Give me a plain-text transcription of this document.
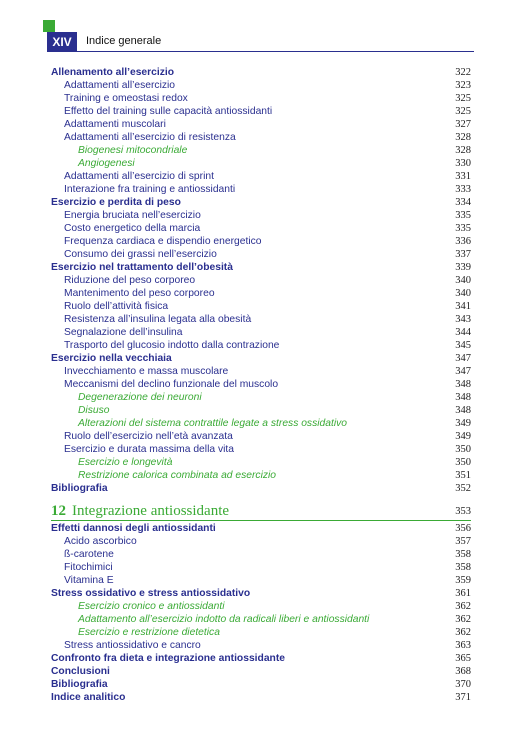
XIV	Indice generale
Allenamento all’esercizio	322
Adattamenti all’esercizio	323
Training e omeostasi redox	325
Effetto del training sulle capacità antiossidanti	325
Adattamenti muscolari	327
Adattamenti all’esercizio di resistenza	328
Biogenesi mitocondriale	328
Angiogenesi	330
Adattamenti all’esercizio di sprint	331
Interazione fra training e antiossidanti	333
Esercizio e perdita di peso	334
Energia bruciata nell’esercizio	335
Costo energetico della marcia	335
Frequenza cardiaca e dispendio energetico	336
Consumo dei grassi nell’esercizio	337
Esercizio nel trattamento dell’obesità	339
Riduzione del peso corporeo	340
Mantenimento del peso corporeo	340
Ruolo dell’attività fisica	341
Resistenza all’insulina legata alla obesità	343
Segnalazione dell’insulina	344
Trasporto del glucosio indotto dalla contrazione	345
Esercizio nella vecchiaia	347
Invecchiamento e massa muscolare	347
Meccanismi del declino funzionale del muscolo	348
Degenerazione dei neuroni	348
Disuso	348
Alterazioni del sistema contrattile legate a stress ossidativo	349
Ruolo dell’esercizio nell’età avanzata	349
Esercizio e durata massima della vita	350
Esercizio e longevità	350
Restrizione calorica combinata ad esercizio	351
Bibliografia	352
12 Integrazione antiossidante	353
Effetti dannosi degli antiossidanti	356
Acido ascorbico	357
ß-carotene	358
Fitochimici	358
Vitamina E	359
Stress ossidativo e stress antiossidativo	361
Esercizio cronico e antiossidanti	362
Adattamento all’esercizio indotto da radicali liberi e antiossidanti	362
Esercizio e restrizione dietetica	362
Stress antiossidativo e cancro	363
Confronto fra dieta e integrazione antiossidante	365
Conclusioni	368
Bibliografia	370
Indice analitico	371
